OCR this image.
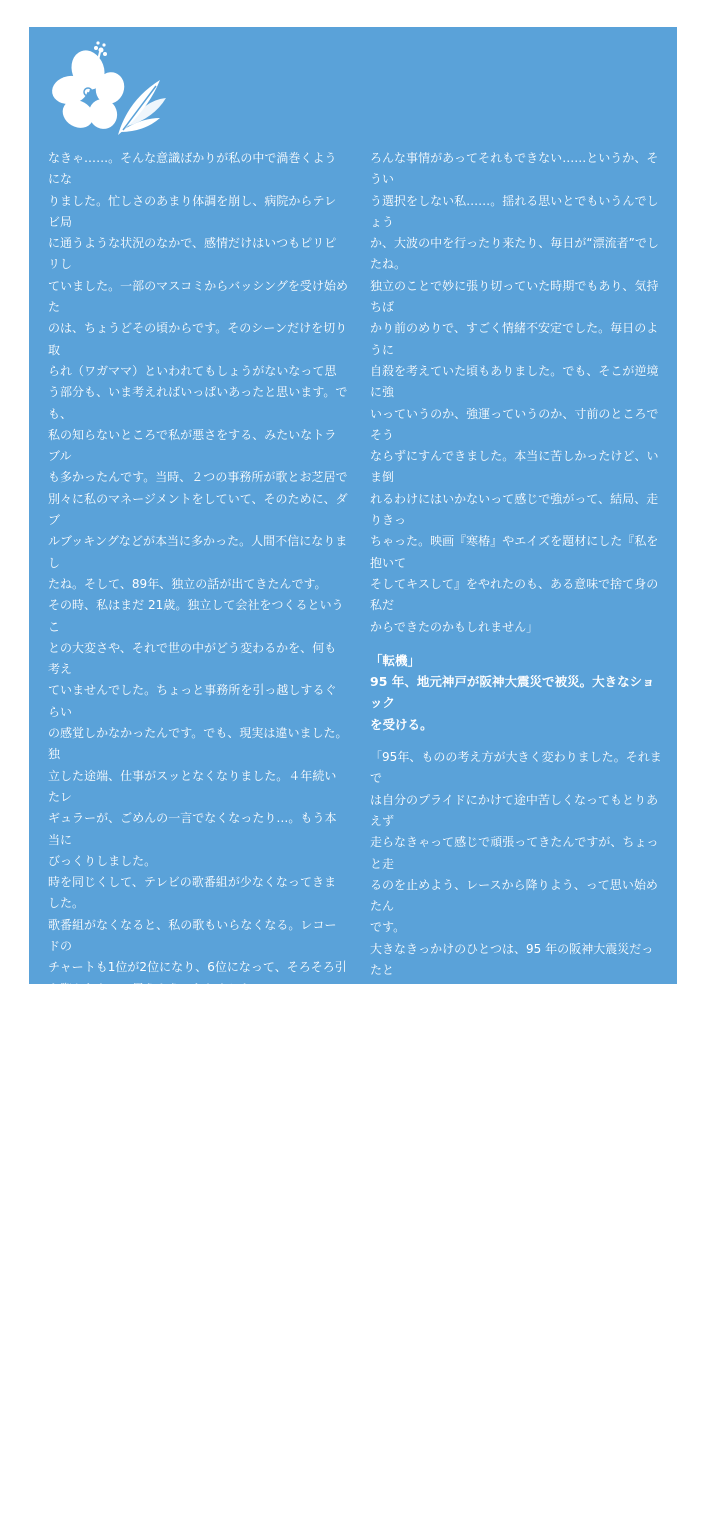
なきゃ……。そんな意識ばかりが私の中で渦巻くようにな
りました。忙しさのあまり体調を崩し、病院からテレビ局
に通うような状況のなかで、感情だけはいつもピリピリし
ていました。一部のマスコミからバッシングを受け始めた
のは、ちょうどその頃からです。そのシーンだけを切り取
られ（ワガママ）といわれてもしょうがないなって思
う部分も、いま考えればいっぱいあったと思います。でも、
私の知らないところで私が悪さをする、みたいなトラブル
も多かったんです。当時、２つの事務所が歌とお芝居で
別々に私のマネージメントをしていて、そのために、ダブ
ルブッキングなどが本当に多かった。人間不信になりまし
たね。そして、89年、独立の話が出てきたんです。

その時、私はまだ 21歳。独立して会社をつくるというこ
との大変さや、それで世の中がどう変わるかを、何も考え
ていませんでした。ちょっと事務所を引っ越しするぐらい
の感覚しかなかったんです。でも、現実は違いました。独
立した途端、仕事がスッとなくなりました。４年続いたレ
ギュラーが、ごめんの一言でなくなったり…。もう本当に
びっくりしました。

時を同じくして、テレビの歌番組が少なくなってきました。
歌番組がなくなると、私の歌もいらなくなる。レコードの
チャートも1位が2位になり、6位になって、そろそろ引
き際かなあって思うようになりました。

80年代の終わり、時代とシンクロするかたちで、私のア
イドルという青春時代はバッタリと終わりました」

「恋愛」
92 年『寒椿』『私を抱いてそしてキスして』で日本アカデミー
主演女優賞を受賞。以後、映画を仕事の中心に移し、本格
女優の道へ。

「独立して仕事の面でどっぷり苦しみ、強がって、落ち込
んでを繰り返していた頃、初めて人を好きになりました。
彼氏ができたんです。切ないという気持ち、大人の感情
を、初めて知りました。タレントとしてでなく、私を私と
して接してくれる人が、やっと家族以外に見つかった、そ
の人のところに全部を投げ出して飛び込みたい！　でもい

ろんな事情があってそれもできない……というか、そうい
う選択をしない私……。揺れる思いとでもいうんでしょう
か、大波の中を行ったり来たり、毎日が“漂流者”でしたね。
独立のことで妙に張り切っていた時期でもあり、気持ちば
かり前のめりで、すごく情緒不安定でした。毎日のように
自殺を考えていた頃もありました。でも、そこが逆境に強
いっていうのか、強運っていうのか、寸前のところでそう
ならずにすんできました。本当に苦しかったけど、いま倒
れるわけにはいかないって感じで強がって、結局、走りきっ
ちゃった。映画『寒椿』やエイズを題材にした『私を抱いて
そしてキスして』をやれたのも、ある意味で捨て身の私だ
からできたのかもしれません」

「転機」
95 年、地元神戸が阪神大震災で被災。大きなショック
を受ける。

「95年、ものの考え方が大きく変わりました。それまで
は自分のプライドにかけて途中苦しくなってもとりあえず
走らなきゃって感じで頑張ってきたんですが、ちょっと走
るのを止めよう、レースから降りよう、って思い始めたん
です。

大きなきっかけのひとつは、95 年の阪神大震災だったと
思います。将来のためじゃなく、まず、今、という生き方
してもいいんじゃないかなぁってことを、友達を亡くした
りした、ちょっと辛い経験のなかで考えるようになりまし
た。実は、その前の年の 94 年に私は結婚を意識していた
た人、といっても世間の皆さんが思っている人とは別の人
ですが、その人と別れていて、その時のショックも尾をひ
いていたんだと思います。久しぶりに主演をやったテレビ
ドラマの数字（視聴率）があまり伸びなかったこともあっ
て、この時期から、私、ちょっとリタイアしちゃったんです。
しばらくは、目立たないように地味に生きようって。二十
代の後半というのは女優にとってもいちばん中途半端な
年頃で、自分の顔とか演技にもほんと、自信がなかっ
たし……。番組の選び方もちょっと変わってきました。
地方の情報番組とかは出たいけど、東京のバラエティ
